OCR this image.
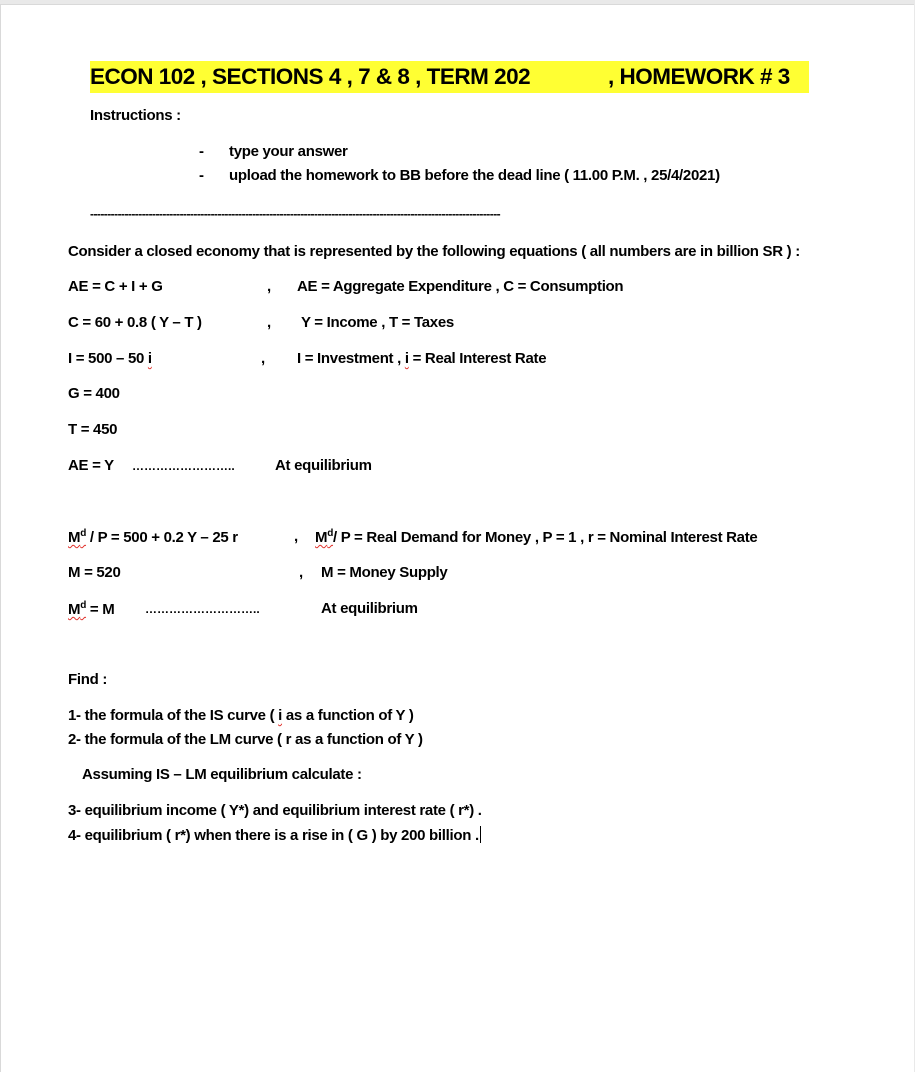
ECON 102 , SECTIONS 4 , 7 & 8 , TERM 202	, HOMEWORK # 3
Instructions :
- type your answer
- upload the homework to BB before the dead line ( 11.00 P.M. , 25/4/2021)
-----------------------------------------------------------------------------------------------------------------------
Consider a closed economy that is represented by the following equations ( all numbers are in billion SR ) :
AE = C + I + G	, AE = Aggregate Expenditure , C = Consumption
C = 60 + 0.8 ( Y – T )	, Y = Income , T = Taxes
I = 500 – 50 i	, I = Investment , i = Real Interest Rate
G = 400
T = 450
AE = Y ……………………..	At equilibrium
$M^d / P = 500 + 0.2$ Y – 25 r	, $M^d/$ P = Real Demand for Money , P = 1 , r = Nominal Interest Rate
M = 520	, M = Money Supply
$M^d = M$	………………………..	At equilibrium
Find :
1- the formula of the IS curve ( i as a function of Y )
2- the formula of the LM curve ( r as a function of Y )
Assuming IS – LM equilibrium calculate :
3- equilibrium income ( Y*) and equilibrium interest rate ( r*) .
4- equilibrium ( r*) when there is a rise in ( G ) by 200 billion .
